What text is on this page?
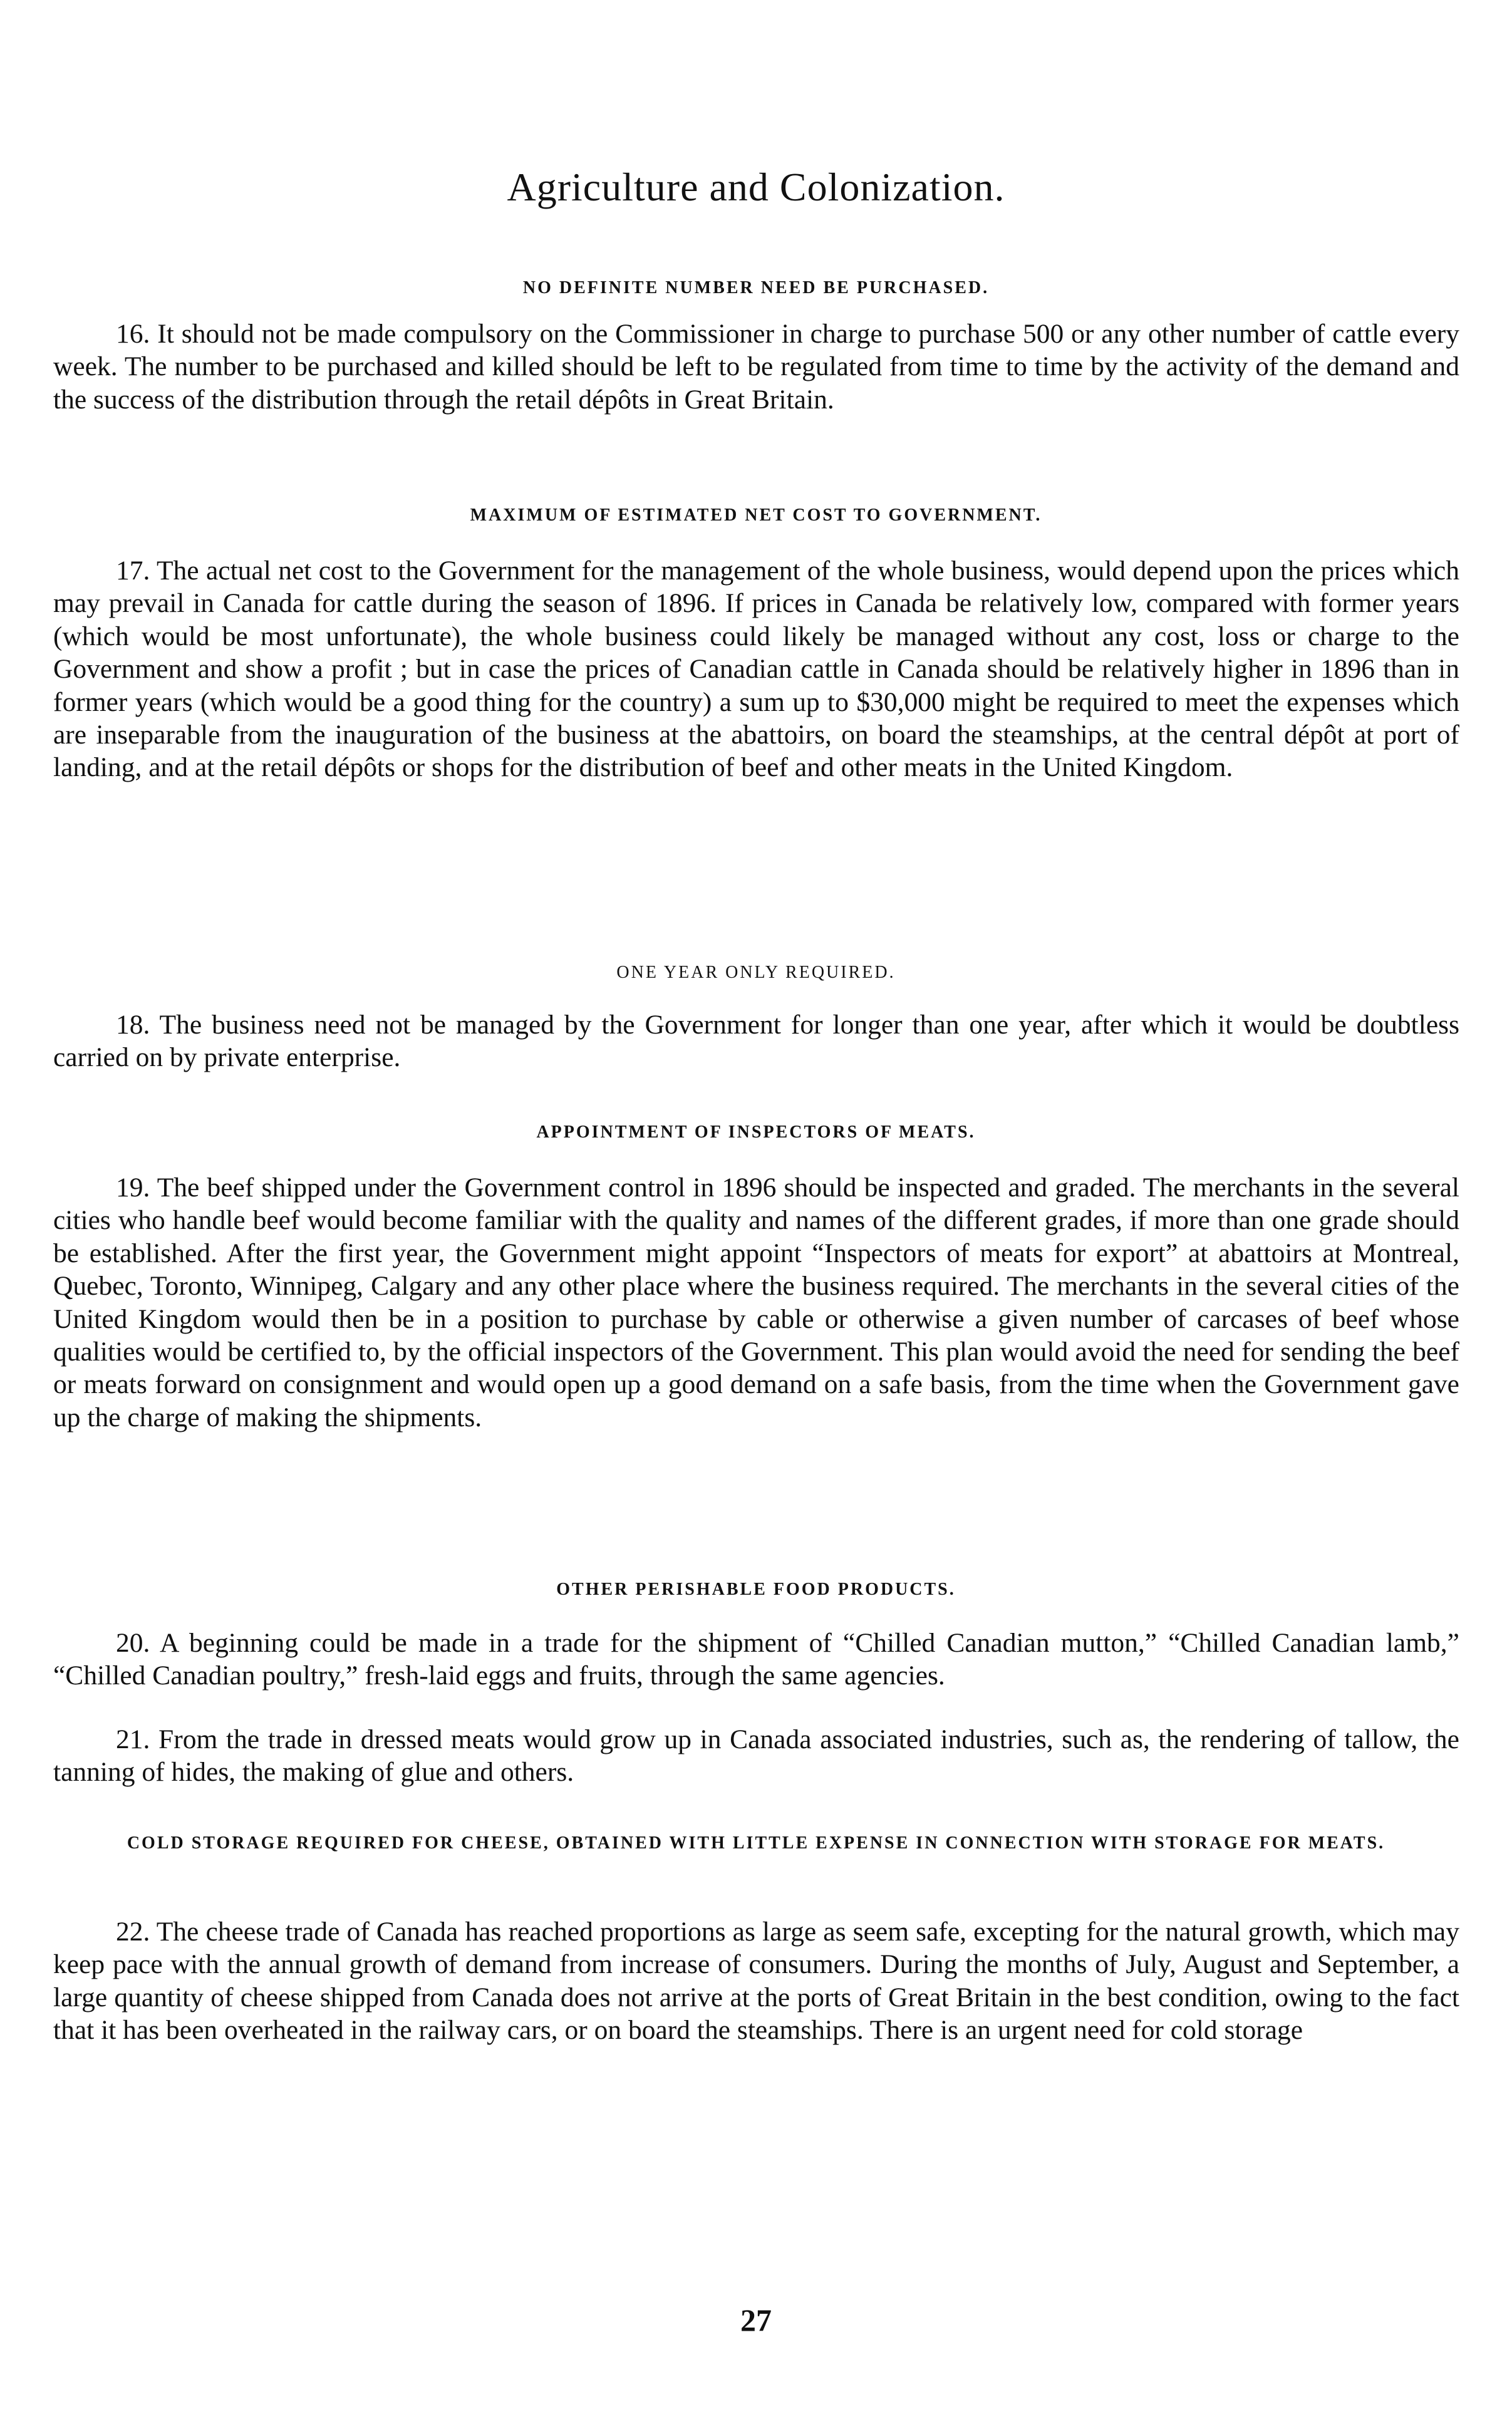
Agriculture and Colonization.
NO DEFINITE NUMBER NEED BE PURCHASED.
16. It should not be made compulsory on the Commissioner in charge to purchase 500 or any other number of cattle every week. The number to be purchased and killed should be left to be regulated from time to time by the activity of the demand and the success of the distribution through the retail dépôts in Great Britain.
MAXIMUM OF ESTIMATED NET COST TO GOVERNMENT.
17. The actual net cost to the Government for the management of the whole business, would depend upon the prices which may prevail in Canada for cattle during the season of 1896. If prices in Canada be relatively low, compared with former years (which would be most unfortunate), the whole business could likely be managed without any cost, loss or charge to the Government and show a profit ; but in case the prices of Canadian cattle in Canada should be relatively higher in 1896 than in former years (which would be a good thing for the country) a sum up to $30,000 might be required to meet the expenses which are inseparable from the inauguration of the business at the abattoirs, on board the steamships, at the central dépôt at port of landing, and at the retail dépôts or shops for the distribution of beef and other meats in the United Kingdom.
ONE YEAR ONLY REQUIRED.
18. The business need not be managed by the Government for longer than one year, after which it would be doubtless carried on by private enterprise.
APPOINTMENT OF INSPECTORS OF MEATS.
19. The beef shipped under the Government control in 1896 should be inspected and graded. The merchants in the several cities who handle beef would become familiar with the quality and names of the different grades, if more than one grade should be established. After the first year, the Government might appoint “Inspectors of meats for export” at abattoirs at Montreal, Quebec, Toronto, Winnipeg, Calgary and any other place where the business required. The merchants in the several cities of the United Kingdom would then be in a position to purchase by cable or otherwise a given number of carcases of beef whose qualities would be certified to, by the official inspectors of the Government. This plan would avoid the need for sending the beef or meats forward on consignment and would open up a good demand on a safe basis, from the time when the Government gave up the charge of making the shipments.
OTHER PERISHABLE FOOD PRODUCTS.
20. A beginning could be made in a trade for the shipment of “Chilled Canadian mutton,” “Chilled Canadian lamb,” “Chilled Canadian poultry,” fresh-laid eggs and fruits, through the same agencies.
21. From the trade in dressed meats would grow up in Canada associated industries, such as, the rendering of tallow, the tanning of hides, the making of glue and others.
COLD STORAGE REQUIRED FOR CHEESE, OBTAINED WITH LITTLE EXPENSE IN CONNECTION WITH STORAGE FOR MEATS.
22. The cheese trade of Canada has reached proportions as large as seem safe, excepting for the natural growth, which may keep pace with the annual growth of demand from increase of consumers. During the months of July, August and September, a large quantity of cheese shipped from Canada does not arrive at the ports of Great Britain in the best condition, owing to the fact that it has been overheated in the railway cars, or on board the steamships. There is an urgent need for cold storage
27
